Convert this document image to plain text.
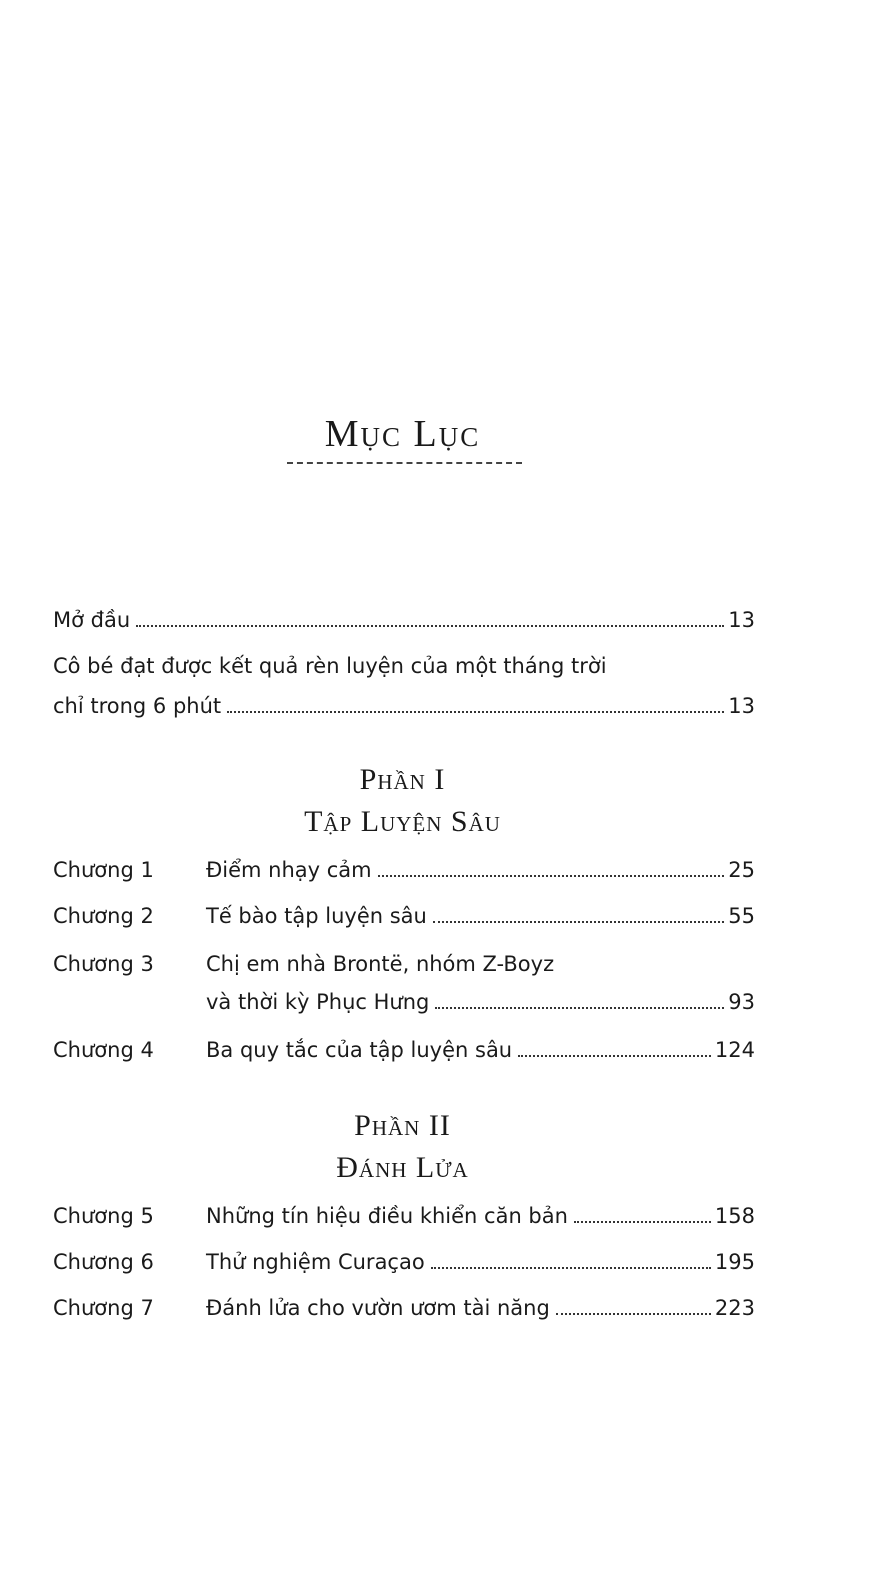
Mục Lục
Mở đầu	13
Cô bé đạt được kết quả rèn luyện của một tháng trời
chỉ trong 6 phút	13
Phần I
Tập Luyện Sâu
Chương 1	Điểm nhạy cảm	25
Chương 2	Tế bào tập luyện sâu	55
Chương 3	Chị em nhà Brontë, nhóm Z-Boyz
và thời kỳ Phục Hưng	93
Chương 4	Ba quy tắc của tập luyện sâu	124
Phần II
Đánh Lửa
Chương 5	Những tín hiệu điều khiển căn bản	158
Chương 6	Thử nghiệm Curaçao	195
Chương 7	Đánh lửa cho vườn ươm tài năng	223
